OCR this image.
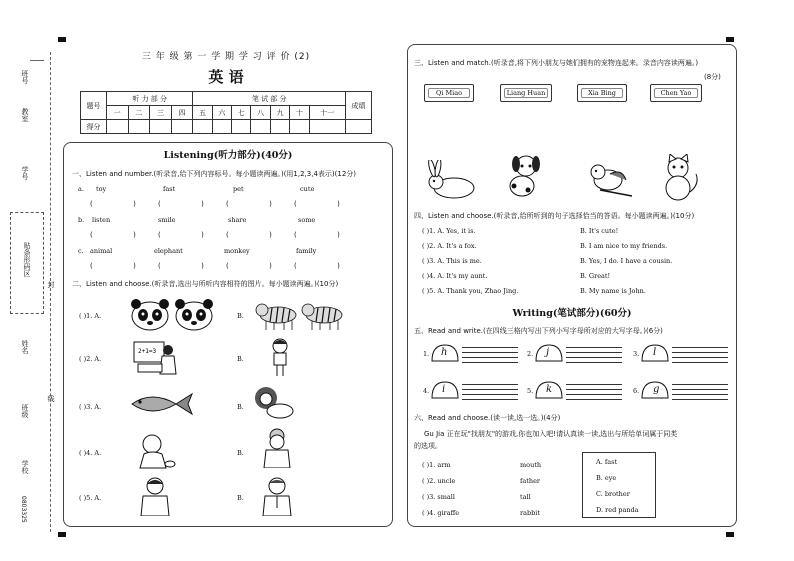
班号
教室
学号
贴条形码区
封
姓名
班级
线
学校
0803325
三 年 级 第 一 学 期 学 习 评 价 (2)
英 语
题号	听 力 部 分				笔 试 部 分							成绩
	一	二	三	四	五	六	七	八	九	十	十一	
得分												
Listening(听力部分)(40分)
一、Listen and number.(听录音,给下列内容标号。每小题读两遍。)(用1,2,3,4表示)(12分)
a. toy	fast	pet	cute
(  ) (  ) (  ) (  )
b. listen	smile	share	some
(  ) (  ) (  ) (  )
c. animal	elephant	monkey	family
(  ) (  ) (  ) (  )
二、Listen and choose.(听录音,选出与所听内容相符的图片。每小题读两遍。)(10分)
( )1. A.	B.
( )2. A.	B.
( )3. A.	B.
( )4. A.	B.
( )5. A.	B.
2+1=3
三、Listen and match.(听录音,将下列小朋友与她们拥有的宠物连起来。录音内容读两遍。)
(8分)
Qi Miao	Liang Huan	Xia Bing	Chen Yao
四、Listen and choose.(听录音,给所听到的句子选择恰当的答语。每小题读两遍。)(10分)
( )1. A. Yes, it is.	B. It's cute!
( )2. A. It's a fox.	B. I am nice to my friends.
( )3. A. This is me.	B. Yes, I do. I have a cousin.
( )4. A. It's my aunt.	B. Great!
( )5. A. Thank you, Zhao Jing.	B. My name is John.
Writing(笔试部分)(60分)
五、Read and write.(在四线三格内写出下列小写字母所对应的大写字母。)(6分)
1. h	2. j	3. l
4. i	5. k	6. g
六、Read and choose.(读一读,选一选。)(4分)
Gu Jia 正在玩"找朋友"的游戏,你也加入吧!请认真读一读,选出与所给单词属于同类
的选项。
( )1. arm	mouth
( )2. uncle	father
( )3. small	tall
( )4. giraffe	rabbit
A. fast
B. eye
C. brother
D. red panda
